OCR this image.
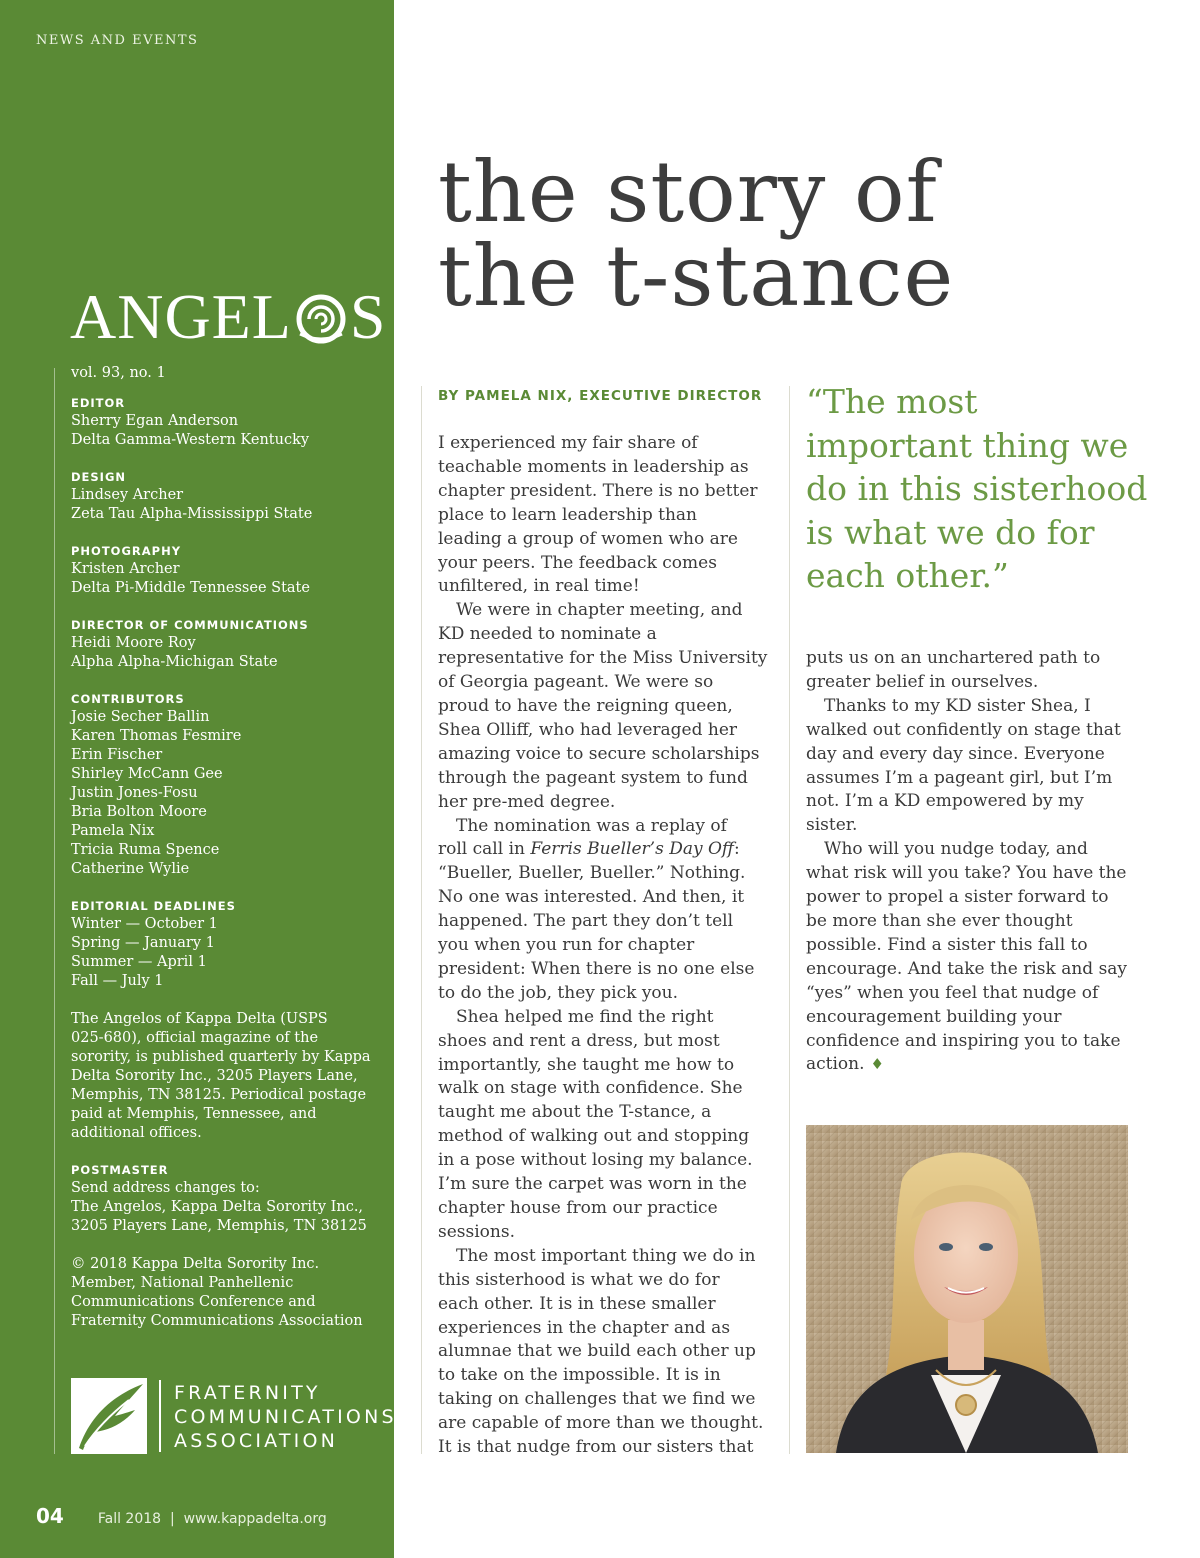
NEWS AND EVENTS
ANGEL S
vol. 93, no. 1
EDITOR
Sherry Egan Anderson
Delta Gamma-Western Kentucky
DESIGN
Lindsey Archer
Zeta Tau Alpha-Mississippi State
PHOTOGRAPHY
Kristen Archer
Delta Pi-Middle Tennessee State
DIRECTOR OF COMMUNICATIONS
Heidi Moore Roy
Alpha Alpha-Michigan State
CONTRIBUTORS
Josie Secher Ballin
Karen Thomas Fesmire
Erin Fischer
Shirley McCann Gee
Justin Jones-Fosu
Bria Bolton Moore
Pamela Nix
Tricia Ruma Spence
Catherine Wylie
EDITORIAL DEADLINES
Winter — October 1
Spring — January 1
Summer — April 1
Fall — July 1
The Angelos of Kappa Delta (USPS
025-680), official magazine of the
sorority, is published quarterly by Kappa
Delta Sorority Inc., 3205 Players Lane,
Memphis, TN 38125. Periodical postage
paid at Memphis, Tennessee, and
additional offices.
POSTMASTER
Send address changes to:
The Angelos, Kappa Delta Sorority Inc.,
3205 Players Lane, Memphis, TN 38125
© 2018 Kappa Delta Sorority Inc.
Member, National Panhellenic
Communications Conference and
Fraternity Communications Association
FRATERNITY
COMMUNICATIONS
ASSOCIATION
04 Fall 2018  |  www.kappadelta.org
the story of
the t-stance
BY PAMELA NIX, EXECUTIVE DIRECTOR

I experienced my fair share of
teachable moments in leadership as
chapter president. There is no better
place to learn leadership than
leading a group of women who are
your peers. The feedback comes
unfiltered, in real time!

We were in chapter meeting, and
KD needed to nominate a
representative for the Miss University
of Georgia pageant. We were so
proud to have the reigning queen,
Shea Olliff, who had leveraged her
amazing voice to secure scholarships
through the pageant system to fund
her pre-med degree.

The nomination was a replay of
roll call in Ferris Bueller’s Day Off:
“Bueller, Bueller, Bueller.” Nothing.
No one was interested. And then, it
happened. The part they don’t tell
you when you run for chapter
president: When there is no one else
to do the job, they pick you.

Shea helped me find the right
shoes and rent a dress, but most
importantly, she taught me how to
walk on stage with confidence. She
taught me about the T-stance, a
method of walking out and stopping
in a pose without losing my balance.
I’m sure the carpet was worn in the
chapter house from our practice
sessions.

The most important thing we do in
this sisterhood is what we do for
each other. It is in these smaller
experiences in the chapter and as
alumnae that we build each other up
to take on the impossible. It is in
taking on challenges that we find we
are capable of more than we thought.
It is that nudge from our sisters that

“The most
important thing we
do in this sisterhood
is what we do for
each other.”

puts us on an unchartered path to
greater belief in ourselves.

Thanks to my KD sister Shea, I
walked out confidently on stage that
day and every day since. Everyone
assumes I’m a pageant girl, but I’m
not. I’m a KD empowered by my
sister.

Who will you nudge today, and
what risk will you take? You have the
power to propel a sister forward to
be more than she ever thought
possible. Find a sister this fall to
encourage. And take the risk and say
“yes” when you feel that nudge of
encouragement building your
confidence and inspiring you to take
action. ♦
